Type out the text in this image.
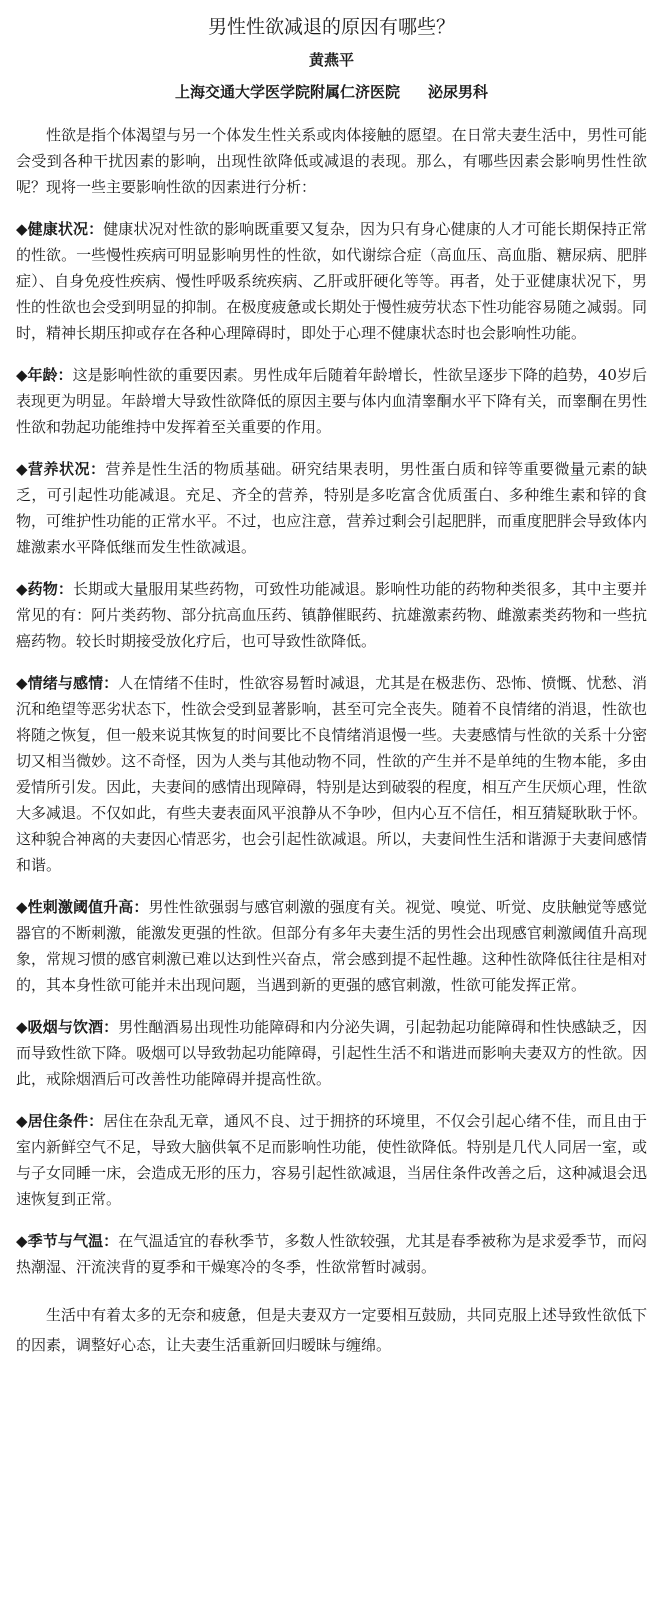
男性性欲减退的原因有哪些？
黄燕平
上海交通大学医学院附属仁济医院 泌尿男科

性欲是指个体渴望与另一个体发生性关系或肉体接触的愿望。在日常夫妻生活中，男性可能会受到各种干扰因素的影响，出现性欲降低或减退的表现。那么，有哪些因素会影响男性性欲呢？现将一些主要影响性欲的因素进行分析：

◆健康状况：健康状况对性欲的影响既重要又复杂，因为只有身心健康的人才可能长期保持正常的性欲。一些慢性疾病可明显影响男性的性欲，如代谢综合症（高血压、高血脂、糖尿病、肥胖症）、自身免疫性疾病、慢性呼吸系统疾病、乙肝或肝硬化等等。再者，处于亚健康状况下，男性的性欲也会受到明显的抑制。在极度疲惫或长期处于慢性疲劳状态下性功能容易随之减弱。同时，精神长期压抑或存在各种心理障碍时，即处于心理不健康状态时也会影响性功能。

◆年龄：这是影响性欲的重要因素。男性成年后随着年龄增长，性欲呈逐步下降的趋势，40岁后表现更为明显。年龄增大导致性欲降低的原因主要与体内血清睾酮水平下降有关，而睾酮在男性性欲和勃起功能维持中发挥着至关重要的作用。

◆营养状况：营养是性生活的物质基础。研究结果表明，男性蛋白质和锌等重要微量元素的缺乏，可引起性功能减退。充足、齐全的营养，特别是多吃富含优质蛋白、多种维生素和锌的食物，可维护性功能的正常水平。不过，也应注意，营养过剩会引起肥胖，而重度肥胖会导致体内雄激素水平降低继而发生性欲减退。

◆药物：长期或大量服用某些药物，可致性功能减退。影响性功能的药物种类很多，其中主要并常见的有：阿片类药物、部分抗高血压药、镇静催眠药、抗雄激素药物、雌激素类药物和一些抗癌药物。较长时期接受放化疗后，也可导致性欲降低。

◆情绪与感情：人在情绪不佳时，性欲容易暂时减退，尤其是在极悲伤、恐怖、愤慨、忧愁、消沉和绝望等恶劣状态下，性欲会受到显著影响，甚至可完全丧失。随着不良情绪的消退，性欲也将随之恢复，但一般来说其恢复的时间要比不良情绪消退慢一些。夫妻感情与性欲的关系十分密切又相当微妙。这不奇怪，因为人类与其他动物不同，性欲的产生并不是单纯的生物本能，多由爱情所引发。因此，夫妻间的感情出现障碍，特别是达到破裂的程度，相互产生厌烦心理，性欲大多减退。不仅如此，有些夫妻表面风平浪静从不争吵，但内心互不信任，相互猜疑耿耿于怀。这种貌合神离的夫妻因心情恶劣，也会引起性欲减退。所以，夫妻间性生活和谐源于夫妻间感情和谐。

◆性刺激阈值升高：男性性欲强弱与感官刺激的强度有关。视觉、嗅觉、听觉、皮肤触觉等感觉器官的不断刺激，能激发更强的性欲。但部分有多年夫妻生活的男性会出现感官刺激阈值升高现象，常规习惯的感官刺激已难以达到性兴奋点，常会感到提不起性趣。这种性欲降低往往是相对的，其本身性欲可能并未出现问题，当遇到新的更强的感官刺激，性欲可能发挥正常。

◆吸烟与饮酒：男性酗酒易出现性功能障碍和内分泌失调，引起勃起功能障碍和性快感缺乏，因而导致性欲下降。吸烟可以导致勃起功能障碍，引起性生活不和谐进而影响夫妻双方的性欲。因此，戒除烟酒后可改善性功能障碍并提高性欲。

◆居住条件：居住在杂乱无章，通风不良、过于拥挤的环境里，不仅会引起心绪不佳，而且由于室内新鲜空气不足，导致大脑供氧不足而影响性功能，使性欲降低。特别是几代人同居一室，或与子女同睡一床，会造成无形的压力，容易引起性欲减退，当居住条件改善之后，这种减退会迅速恢复到正常。

◆季节与气温：在气温适宜的春秋季节，多数人性欲较强，尤其是春季被称为是求爱季节，而闷热潮湿、汗流浃背的夏季和干燥寒冷的冬季，性欲常暂时减弱。

生活中有着太多的无奈和疲惫，但是夫妻双方一定要相互鼓励，共同克服上述导致性欲低下的因素，调整好心态，让夫妻生活重新回归暧昧与缠绵。
